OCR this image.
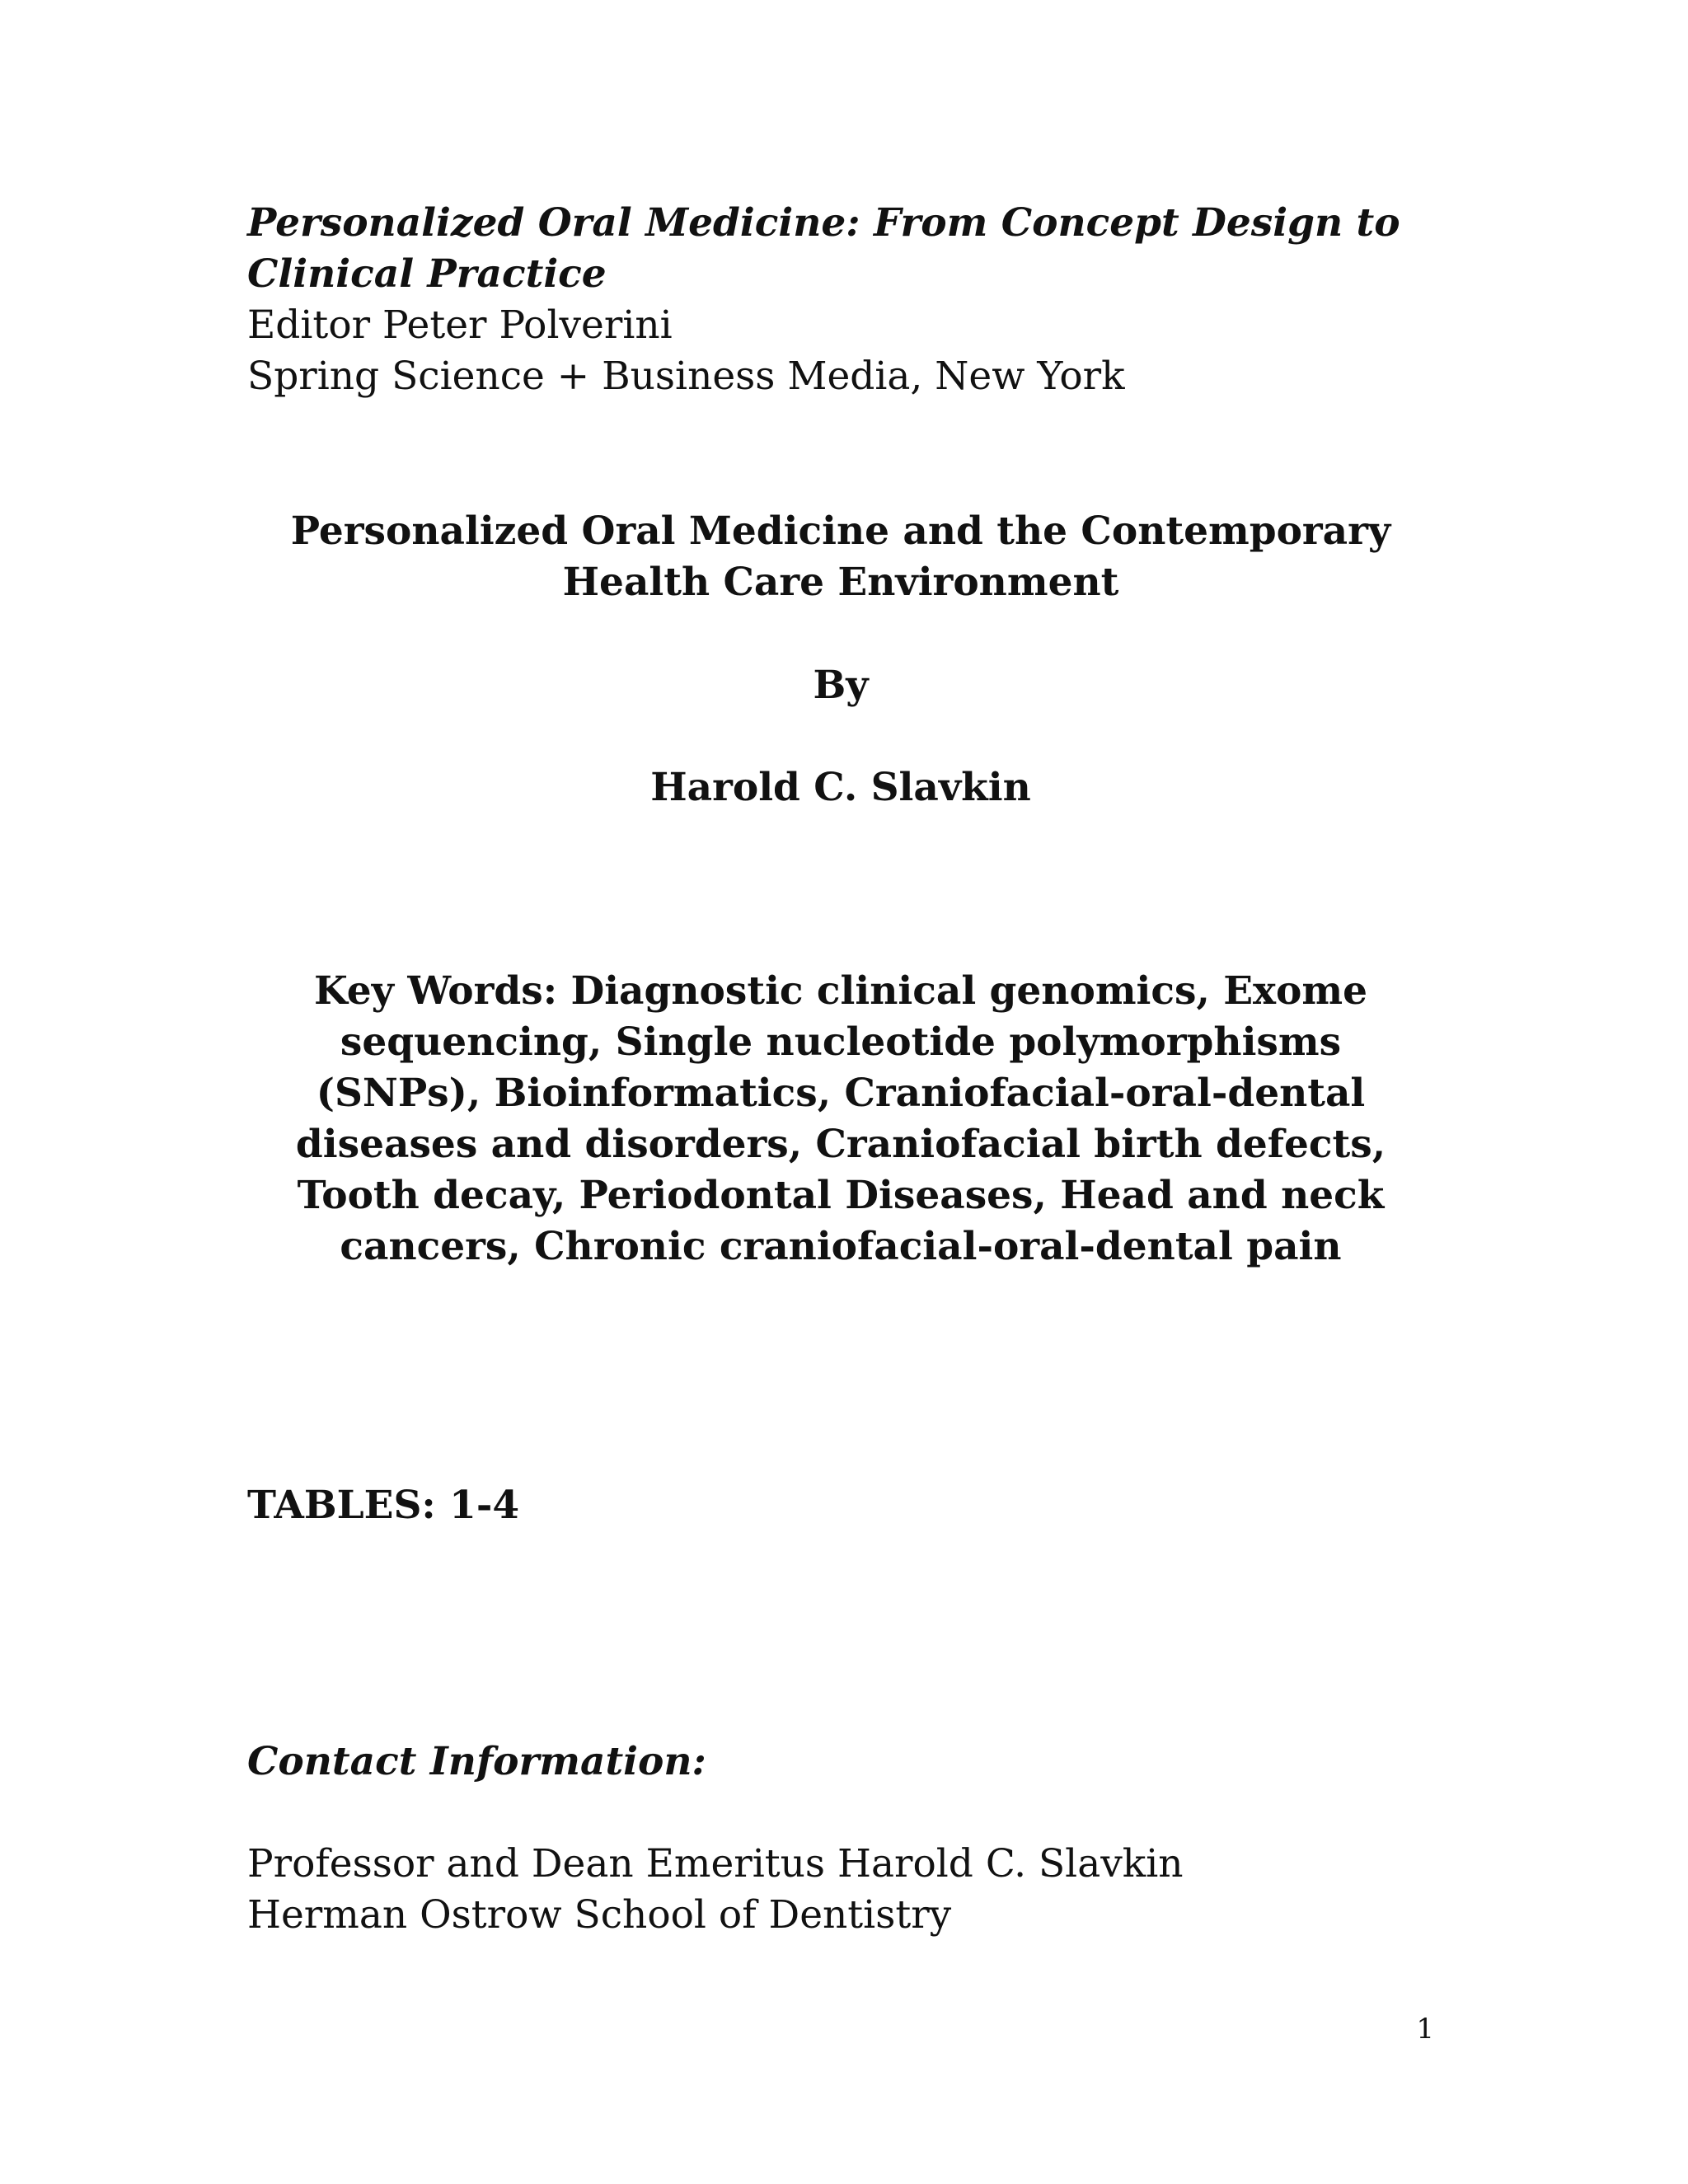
Personalized Oral Medicine: From Concept Design to Clinical Practice

Editor Peter Polverini

Spring Science + Business Media, New York

Personalized Oral Medicine and the Contemporary Health Care Environment

By

Harold C. Slavkin

Key Words: Diagnostic clinical genomics, Exome sequencing, Single nucleotide polymorphisms (SNPs), Bioinformatics, Craniofacial-oral-dental diseases and disorders, Craniofacial birth defects, Tooth decay, Periodontal Diseases, Head and neck cancers, Chronic craniofacial-oral-dental pain

TABLES: 1-4

Contact Information:

Professor and Dean Emeritus Harold C. Slavkin

Herman Ostrow School of Dentistry

1
